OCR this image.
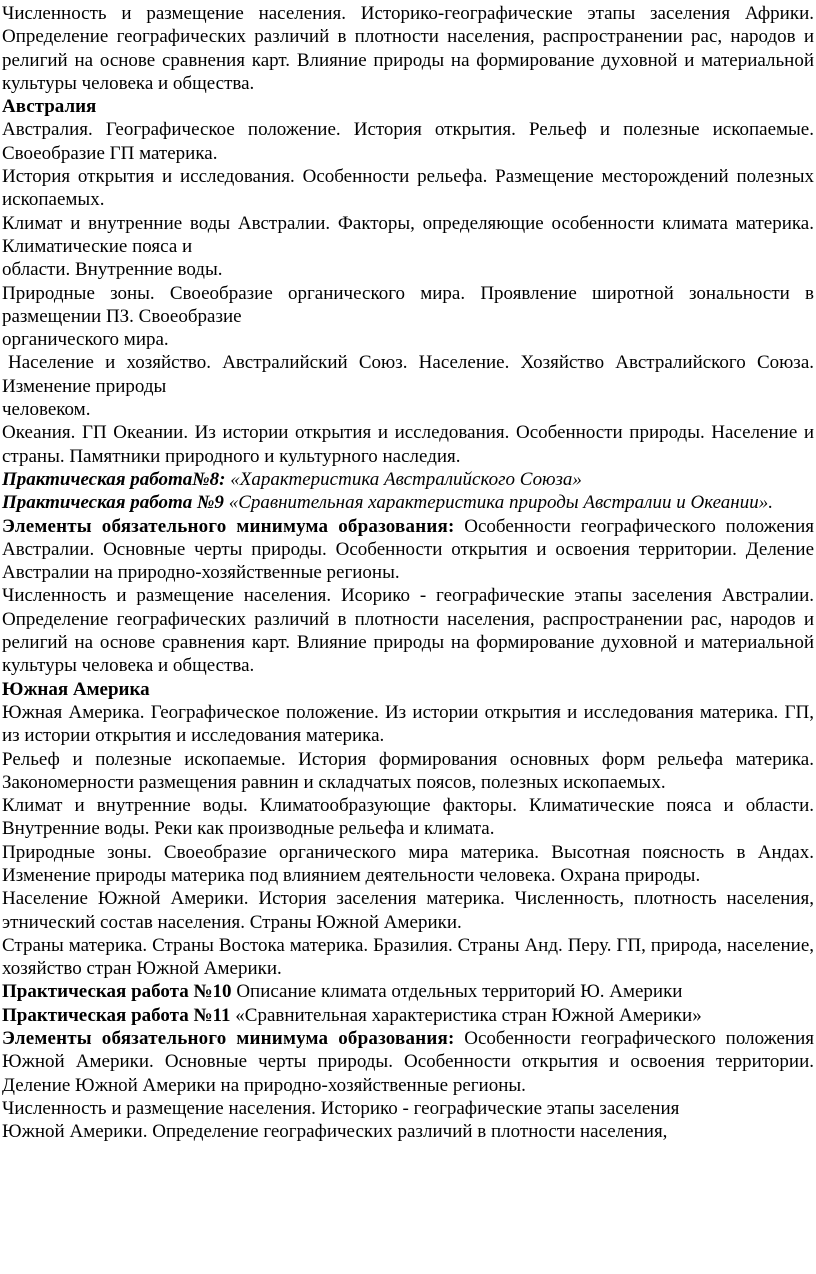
Численность и размещение населения. Историко-географические этапы заселения Африки. Определение географических различий в плотности населения, распространении рас, народов и религий на основе сравнения карт. Влияние природы на формирование духовной и материальной культуры человека и общества.

Австралия

Австралия. Географическое положение. История открытия. Рельеф и полезные ископаемые. Своеобразие ГП материка.

История открытия и исследования. Особенности рельефа. Размещение месторождений полезных ископаемых.

Климат и внутренние воды Австралии. Факторы, определяющие особенности климата материка. Климатические пояса и

области. Внутренние воды.

Природные зоны. Своеобразие органического мира. Проявление широтной зональности в размещении ПЗ. Своеобразие

органического мира.

Население и хозяйство. Австралийский Союз. Население. Хозяйство Австралийского Союза. Изменение природы

человеком.

Океания. ГП Океании. Из истории открытия и исследования. Особенности природы. Население и страны. Памятники природного и культурного наследия.

Практическая работа№8: «Характеристика Австралийского Союза»

Практическая работа №9 «Сравнительная характеристика природы Австралии и Океании».

Элементы обязательного минимума образования: Особенности географического положения Австралии. Основные черты природы. Особенности открытия и освоения территории. Деление Австралии на природно-хозяйственные регионы.

Численность и размещение населения. Исорико - географические этапы заселения Австралии. Определение географических различий в плотности населения, распространении рас, народов и религий на основе сравнения карт. Влияние природы на формирование духовной и материальной культуры человека и общества.

Южная Америка

Южная Америка. Географическое положение. Из истории открытия и исследования материка. ГП, из истории открытия и исследования материка.

Рельеф и полезные ископаемые. История формирования основных форм рельефа материка. Закономерности размещения равнин и складчатых поясов, полезных ископаемых.

Климат и внутренние воды. Климатообразующие факторы. Климатические пояса и области. Внутренние воды. Реки как производные рельефа и климата.

Природные зоны. Своеобразие органического мира материка. Высотная поясность в Андах. Изменение природы материка под влиянием деятельности человека. Охрана природы.

Население Южной Америки. История заселения материка. Численность, плотность населения, этнический состав населения. Страны Южной Америки.

Страны материка. Страны Востока материка. Бразилия. Страны Анд. Перу. ГП, природа, население, хозяйство стран Южной Америки.

Практическая работа №10 Описание климата отдельных территорий Ю. Америки

Практическая работа №11 «Сравнительная характеристика стран Южной Америки»

Элементы обязательного минимума образования: Особенности географического положения Южной Америки. Основные черты природы. Особенности открытия и освоения территории. Деление Южной Америки на природно-хозяйственные регионы.

Численность и размещение населения. Историко - географические этапы заселения

Южной Америки. Определение географических различий в плотности населения,
